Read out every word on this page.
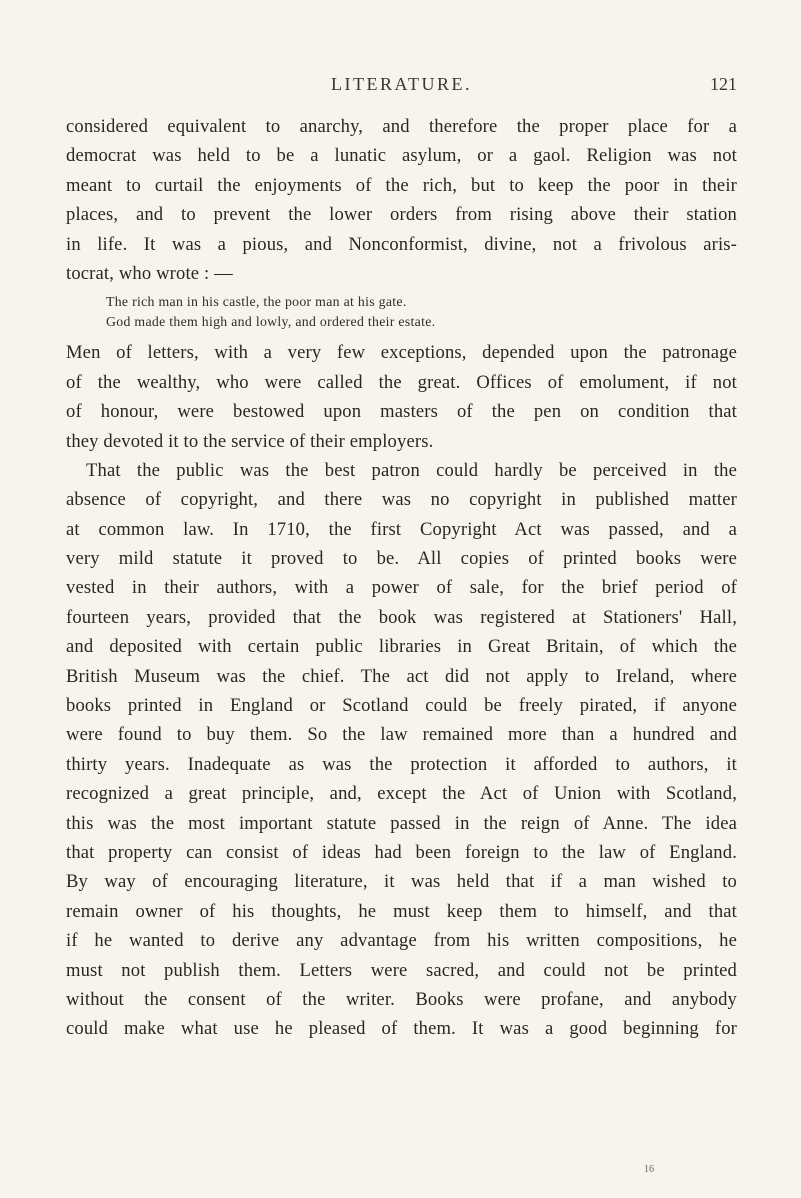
LITERATURE.	121
considered equivalent to anarchy, and therefore the proper place for a
democrat was held to be a lunatic asylum, or a gaol. Religion was not
meant to curtail the enjoyments of the rich, but to keep the poor in their
places, and to prevent the lower orders from rising above their station
in life. It was a pious, and Nonconformist, divine, not a frivolous aris-
tocrat, who wrote : —
The rich man in his castle, the poor man at his gate.
God made them high and lowly, and ordered their estate.
Men of letters, with a very few exceptions, depended upon the patronage
of the wealthy, who were called the great. Offices of emolument, if not
of honour, were bestowed upon masters of the pen on condition that
they devoted it to the service of their employers.
That the public was the best patron could hardly be perceived in the
absence of copyright, and there was no copyright in published matter
at common law. In 1710, the first Copyright Act was passed, and a
very mild statute it proved to be. All copies of printed books were
vested in their authors, with a power of sale, for the brief period of
fourteen years, provided that the book was registered at Stationers' Hall,
and deposited with certain public libraries in Great Britain, of which the
British Museum was the chief. The act did not apply to Ireland, where
books printed in England or Scotland could be freely pirated, if anyone
were found to buy them. So the law remained more than a hundred and
thirty years. Inadequate as was the protection it afforded to authors, it
recognized a great principle, and, except the Act of Union with Scotland,
this was the most important statute passed in the reign of Anne. The idea
that property can consist of ideas had been foreign to the law of England.
By way of encouraging literature, it was held that if a man wished to
remain owner of his thoughts, he must keep them to himself, and that
if he wanted to derive any advantage from his written compositions, he
must not publish them. Letters were sacred, and could not be printed
without the consent of the writer. Books were profane, and anybody
could make what use he pleased of them. It was a good beginning for
16
